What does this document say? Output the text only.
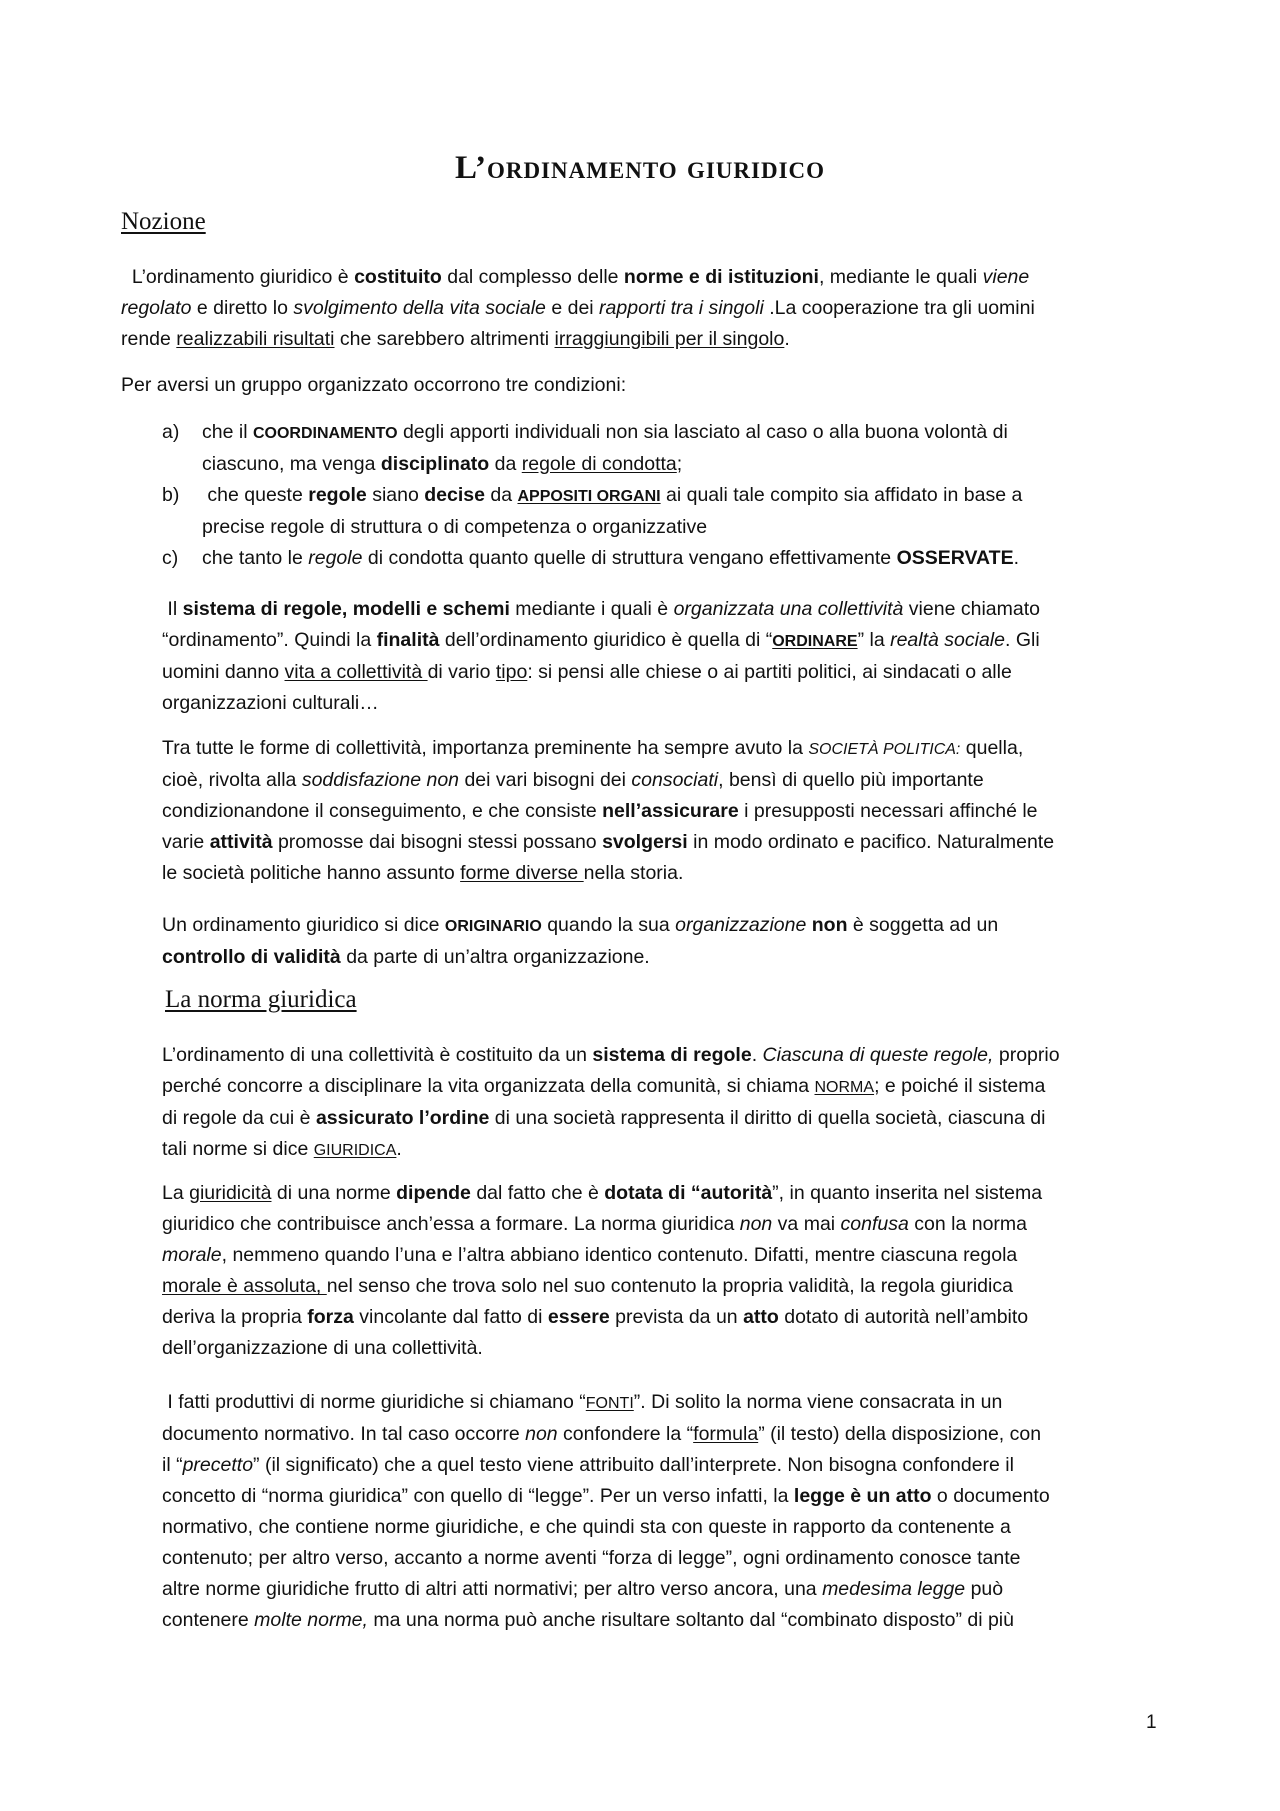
L’ordinamento giuridico
Nozione

L’ordinamento giuridico è costituito dal complesso delle norme e di istituzioni, mediante le quali viene
regolato e diretto lo svolgimento della vita sociale e dei rapporti tra i singoli .La cooperazione tra gli uomini
rende realizzabili risultati che sarebbero altrimenti irraggiungibili per il singolo.

Per aversi un gruppo organizzato occorrono tre condizioni:

a) che il COORDINAMENTO degli apporti individuali non sia lasciato al caso o alla buona volontà di
ciascuno, ma venga disciplinato da regole di condotta;
b) che queste regole siano decise da APPOSITI ORGANI ai quali tale compito sia affidato in base a
precise regole di struttura o di competenza o organizzative
c) che tanto le regole di condotta quanto quelle di struttura vengano effettivamente OSSERVATE.

Il sistema di regole, modelli e schemi mediante i quali è organizzata una collettività viene chiamato
“ordinamento”. Quindi la finalità dell’ordinamento giuridico è quella di “ORDINARE” la realtà sociale. Gli
uomini danno vita a collettività di vario tipo: si pensi alle chiese o ai partiti politici, ai sindacati o alle
organizzazioni culturali…

Tra tutte le forme di collettività, importanza preminente ha sempre avuto la SOCIETÀ POLITICA: quella,
cioè, rivolta alla soddisfazione non dei vari bisogni dei consociati, bensì di quello più importante
condizionandone il conseguimento, e che consiste nell’assicurare i presupposti necessari affinché le
varie attività promosse dai bisogni stessi possano svolgersi in modo ordinato e pacifico. Naturalmente
le società politiche hanno assunto forme diverse nella storia.

Un ordinamento giuridico si dice ORIGINARIO quando la sua organizzazione non è soggetta ad un
controllo di validità da parte di un’altra organizzazione.

La norma giuridica

L’ordinamento di una collettività è costituito da un sistema di regole. Ciascuna di queste regole, proprio
perché concorre a disciplinare la vita organizzata della comunità, si chiama NORMA; e poiché il sistema
di regole da cui è assicurato l’ordine di una società rappresenta il diritto di quella società, ciascuna di
tali norme si dice GIURIDICA.

La giuridicità di una norme dipende dal fatto che è dotata di “autorità”, in quanto inserita nel sistema
giuridico che contribuisce anch’essa a formare. La norma giuridica non va mai confusa con la norma
morale, nemmeno quando l’una e l’altra abbiano identico contenuto. Difatti, mentre ciascuna regola
morale è assoluta, nel senso che trova solo nel suo contenuto la propria validità, la regola giuridica
deriva la propria forza vincolante dal fatto di essere prevista da un atto dotato di autorità nell’ambito
dell’organizzazione di una collettività.

I fatti produttivi di norme giuridiche si chiamano “FONTI”. Di solito la norma viene consacrata in un
documento normativo. In tal caso occorre non confondere la “formula” (il testo) della disposizione, con
il “precetto” (il significato) che a quel testo viene attribuito dall’interprete. Non bisogna confondere il
concetto di “norma giuridica” con quello di “legge”. Per un verso infatti, la legge è un atto o documento
normativo, che contiene norme giuridiche, e che quindi sta con queste in rapporto da contenente a
contenuto; per altro verso, accanto a norme aventi “forza di legge”, ogni ordinamento conosce tante
altre norme giuridiche frutto di altri atti normativi; per altro verso ancora, una medesima legge può
contenere molte norme, ma una norma può anche risultare soltanto dal “combinato disposto” di più

1
